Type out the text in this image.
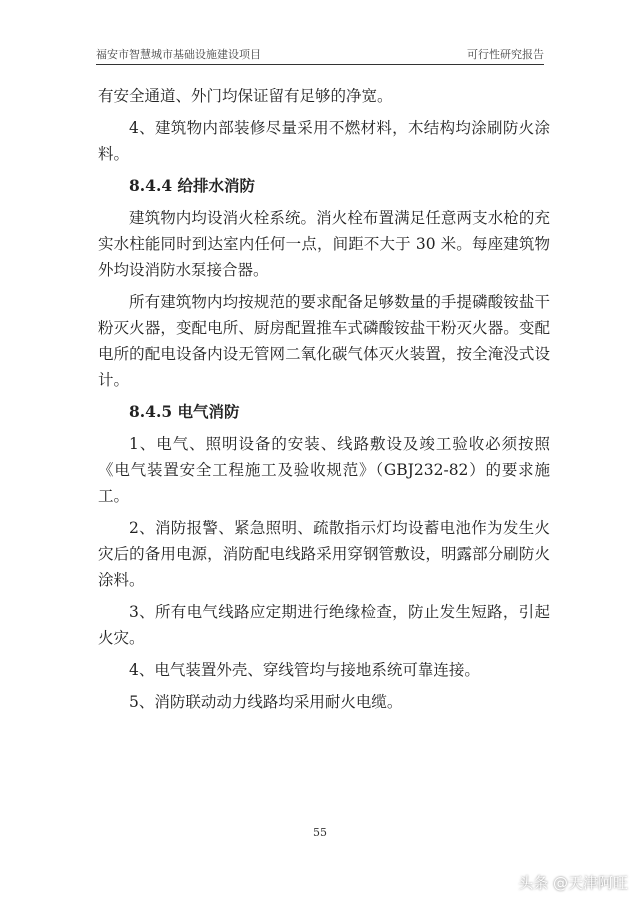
福安市智慧城市基础设施建设项目	可行性研究报告

有安全通道、外门均保证留有足够的净宽。

4、建筑物内部装修尽量采用不燃材料，木结构均涂刷防火涂料。

8.4.4 给排水消防

建筑物内均设消火栓系统。消火栓布置满足任意两支水枪的充实水柱能同时到达室内任何一点，间距不大于 30 米。每座建筑物外均设消防水泵接合器。

所有建筑物内均按规范的要求配备足够数量的手提磷酸铵盐干粉灭火器，变配电所、厨房配置推车式磷酸铵盐干粉灭火器。变配电所的配电设备内设无管网二氧化碳气体灭火装置，按全淹没式设计。

8.4.5 电气消防

1、电气、照明设备的安装、线路敷设及竣工验收必须按照《电气装置安全工程施工及验收规范》（GBJ232-82）的要求施工。

2、消防报警、紧急照明、疏散指示灯均设蓄电池作为发生火灾后的备用电源，消防配电线路采用穿钢管敷设，明露部分刷防火涂料。

3、所有电气线路应定期进行绝缘检查，防止发生短路，引起火灾。

4、电气装置外壳、穿线管均与接地系统可靠连接。

5、消防联动动力线路均采用耐火电缆。

55
头条 @天津阿旺
